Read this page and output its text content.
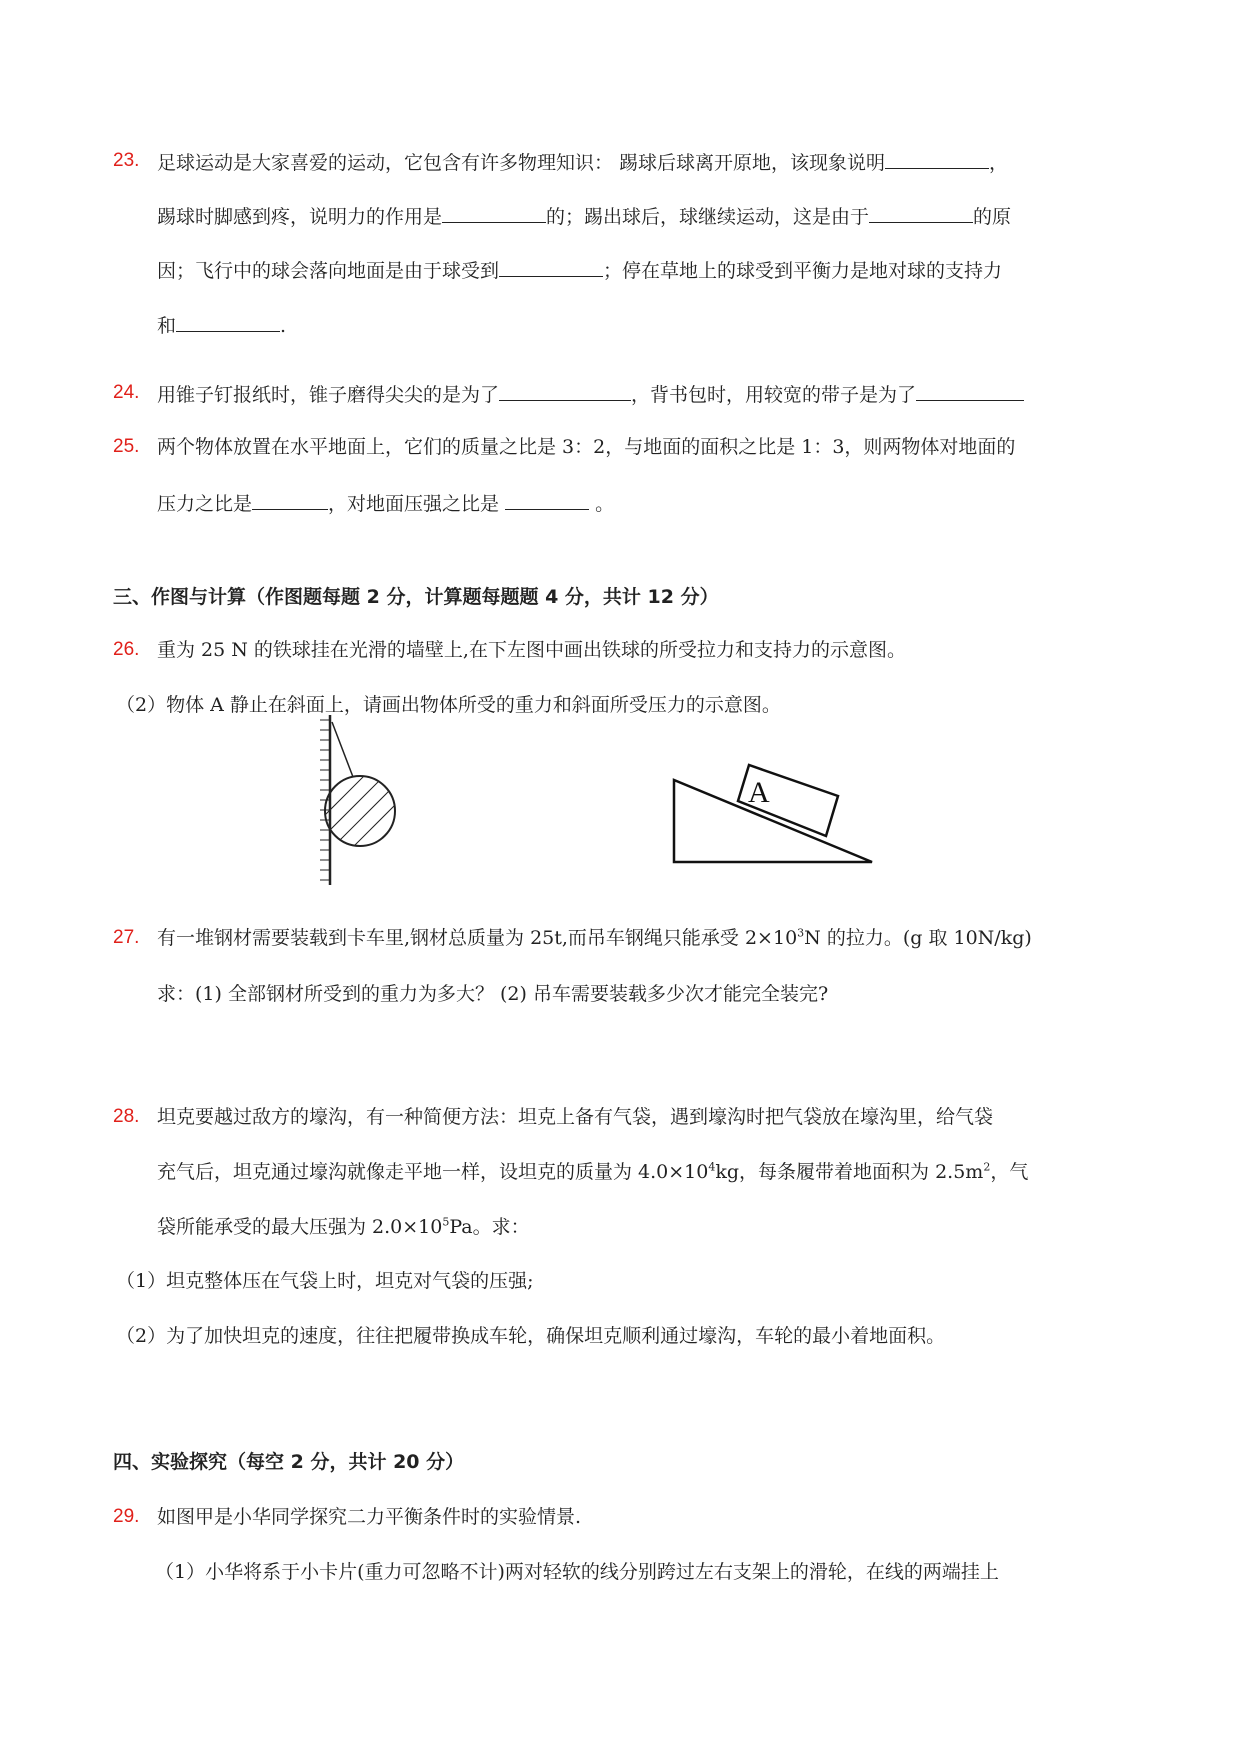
23. 足球运动是大家喜爱的运动，它包含有许多物理知识： 踢球后球离开原地，该现象说明	，
踢球时脚感到疼，说明力的作用是	的；踢出球后，球继续运动，这是由于	的原
因；飞行中的球会落向地面是由于球受到	；停在草地上的球受到平衡力是地对球的支持力
和	.
24. 用锥子钉报纸时，锥子磨得尖尖的是为了	，背书包时，用较宽的带子是为了
25. 两个物体放置在水平地面上，它们的质量之比是 3：2，与地面的面积之比是 1：3，则两物体对地面的
压力之比是	，对地面压强之比是	。
三、作图与计算（作图题每题 2 分，计算题每题题 4 分，共计 12 分）
26. 重为 25 N 的铁球挂在光滑的墙壁上,在下左图中画出铁球的所受拉力和支持力的示意图。
（2）物体 A 静止在斜面上，请画出物体所受的重力和斜面所受压力的示意图。
A
27. 有一堆钢材需要装载到卡车里,钢材总质量为 25t,而吊车钢绳只能承受 $2\times 10^3N$ 的拉力。(g 取 10N/kg)
求：(1) 全部钢材所受到的重力为多大？ (2) 吊车需要装载多少次才能完全装完?
28. 坦克要越过敌方的壕沟，有一种简便方法：坦克上备有气袋，遇到壕沟时把气袋放在壕沟里，给气袋
充气后，坦克通过壕沟就像走平地一样，设坦克的质量为 $4.0\times 10^4kg$，每条履带着地面积为 $2.5m^2$，气
袋所能承受的最大压强为 $2.0\times 10^5Pa$。求：
（1）坦克整体压在气袋上时，坦克对气袋的压强;
（2）为了加快坦克的速度，往往把履带换成车轮，确保坦克顺利通过壕沟，车轮的最小着地面积。
四、实验探究（每空 2 分，共计 20 分）
29. 如图甲是小华同学探究二力平衡条件时的实验情景.
（1）小华将系于小卡片(重力可忽略不计)两对轻软的线分别跨过左右支架上的滑轮，在线的两端挂上
